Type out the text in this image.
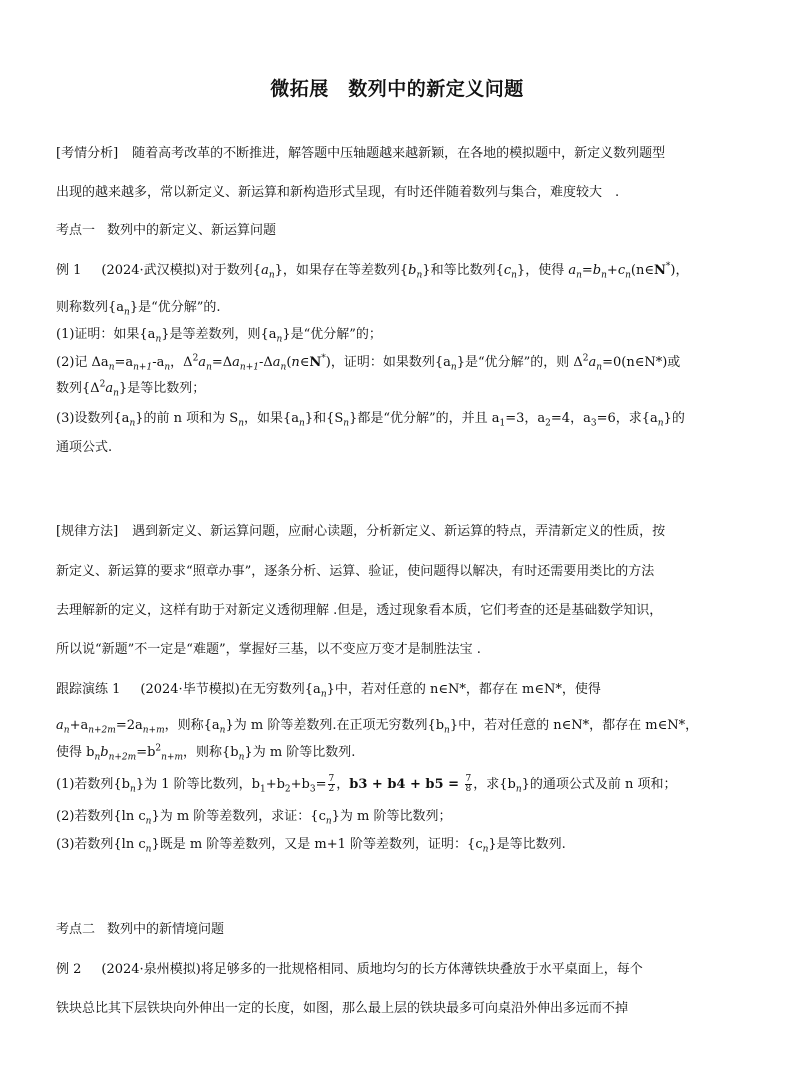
微拓展　数列中的新定义问题
[考情分析] 随着高考改革的不断推进，解答题中压轴题越来越新颖，在各地的模拟题中，新定义数列题型
出现的越来越多，常以新定义、新运算和新构造形式呈现，有时还伴随着数列与集合，难度较大　.
考点一 数列中的新定义、新运算问题
例 1 (2024·武汉模拟)对于数列$\{a_n\}$，如果存在等差数列$\{b_n\}$和等比数列$\{c_n\}$，使得 $a_n=b_n+c_n(n\in N^*)$，
则称数列$\{a_n\}$是“优分解”的.
(1)证明：如果$\{a_n\}$是等差数列，则$\{a_n\}$是“优分解”的；
(2)记 $\Delta a_n=a_{n+1}-a_n$，$\Delta^2a_n=\Delta a_{n+1}-\Delta a_n(n\in N^*)$，证明：如果数列$\{a_n\}$是“优分解”的，则 $\Delta^2a_n=0(n\in N*)$或
数列$\{\Delta^2a_n\}$是等比数列；
(3)设数列$\{a_n\}$的前 n 项和为 $S_n$，如果$\{a_n\}$和$\{S_n\}$都是“优分解”的，并且 $a_1=3$，$a_2=4$，$a_3=6$，求$\{a_n\}$的
通项公式.
[规律方法] 遇到新定义、新运算问题，应耐心读题，分析新定义、新运算的特点，弄清新定义的性质，按
新定义、新运算的要求“照章办事”，逐条分析、运算、验证，使问题得以解决，有时还需要用类比的方法
去理解新的定义，这样有助于对新定义透彻理解 .但是，透过现象看本质，它们考查的还是基础数学知识，
所以说“新题”不一定是“难题”，掌握好三基，以不变应万变才是制胜法宝 .
跟踪演练 1 (2024·毕节模拟)在无穷数列$\{a_n\}$中，若对任意的 n∈N*，都存在 m∈N*，使得
$a_n+a_{n+2m}=2a_{n+m}$，则称$\{a_n\}$为 m 阶等差数列.在正项无穷数列$\{b_n\}$中，若对任意的 n∈N*，都存在 m∈N*，
使得 $b_nb_{n+2m}=b^2_{n+m}$，则称$\{b_n\}$为 m 阶等比数列.
(1)若数列$\{b_n\}$为 1 阶等比数列，$b_1+b_2+b_3= \frac{7}{2}$ ，$b3 + b4 + b5 = \frac{7}{8}$ ，求$\{b_n\}$的通项公式及前 n 项和；
(2)若数列{ln $c_n$}为 m 阶等差数列，求证：$\{c_n\}$为 m 阶等比数列；
(3)若数列{ln $c_n$}既是 m 阶等差数列，又是 m+1 阶等差数列，证明：$\{c_n\}$是等比数列.
考点二 数列中的新情境问题
例 2 (2024·泉州模拟)将足够多的一批规格相同、质地均匀的长方体薄铁块叠放于水平桌面上，每个
铁块总比其下层铁块向外伸出一定的长度，如图，那么最上层的铁块最多可向桌沿外伸出多远而不掉
